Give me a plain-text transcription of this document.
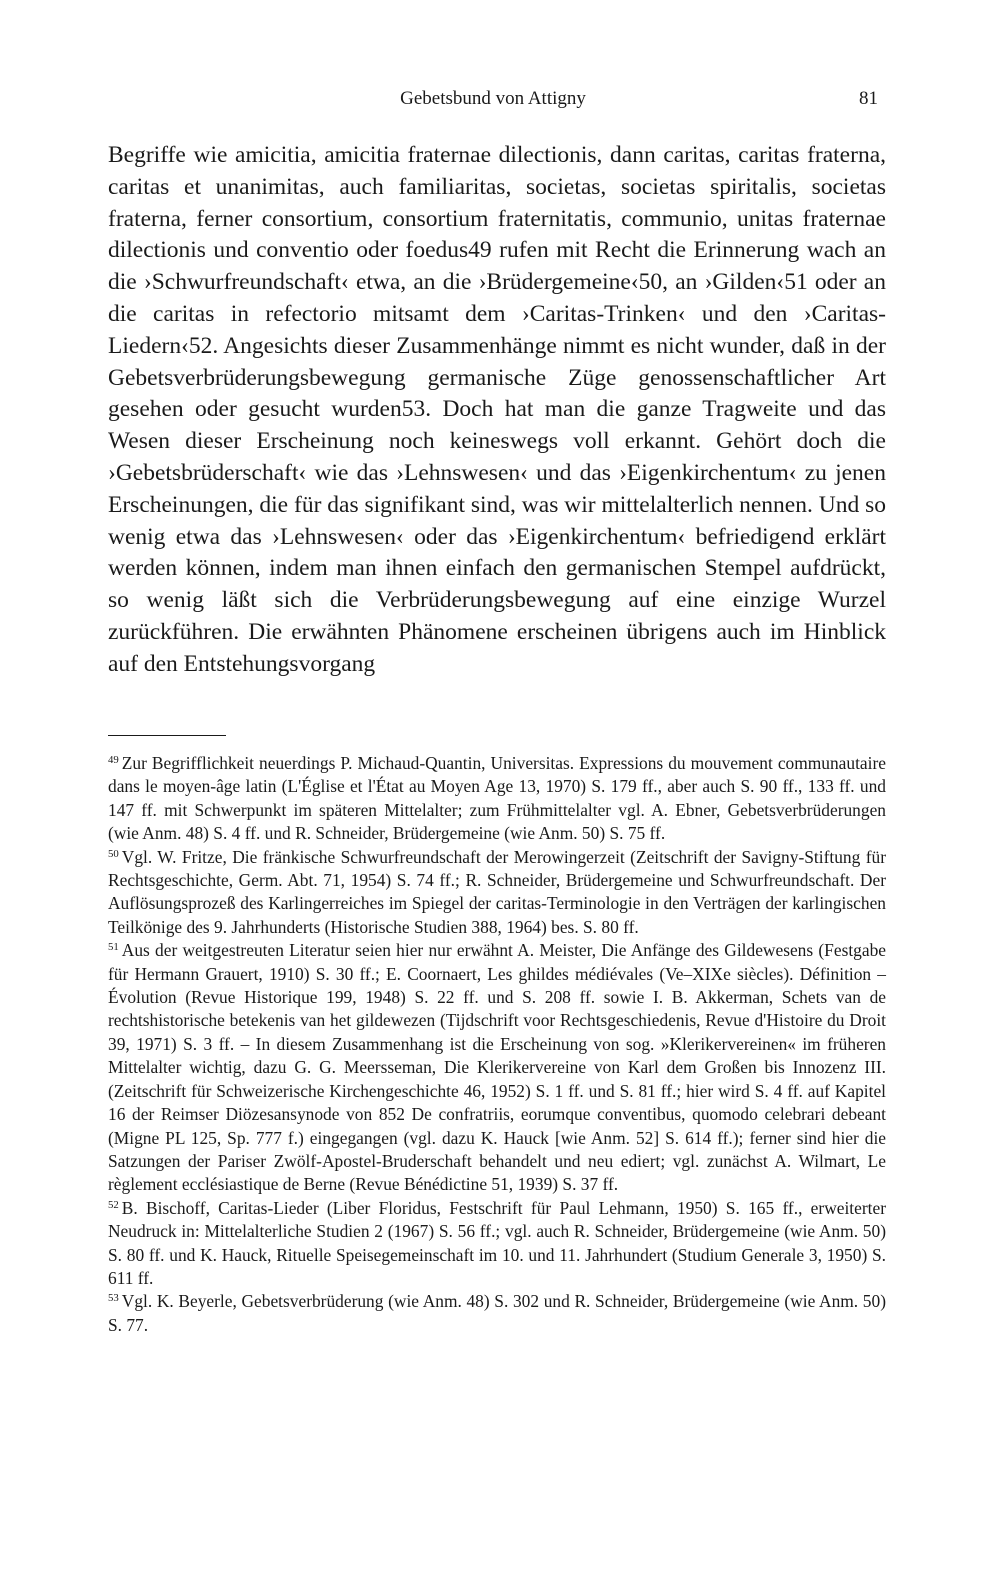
Gebetsbund von Attigny	81

Begriffe wie amicitia, amicitia fraternae dilectionis, dann caritas, caritas fraterna, caritas et unanimitas, auch familiaritas, societas, societas spiritalis, societas fraterna, ferner consortium, consortium fraternitatis, communio, unitas fraternae dilectionis und conventio oder foedus49 rufen mit Recht die Erinnerung wach an die ›Schwurfreundschaft‹ etwa, an die ›Brüdergemeine‹50, an ›Gilden‹51 oder an die caritas in refectorio mitsamt dem ›Caritas-Trinken‹ und den ›Caritas-Liedern‹52. Angesichts dieser Zusammenhänge nimmt es nicht wunder, daß in der Gebetsverbrüderungsbewegung germanische Züge genossenschaftlicher Art gesehen oder gesucht wurden53. Doch hat man die ganze Tragweite und das Wesen dieser Erscheinung noch keineswegs voll erkannt. Gehört doch die ›Gebetsbrüderschaft‹ wie das ›Lehnswesen‹ und das ›Eigenkirchentum‹ zu jenen Erscheinungen, die für das signifikant sind, was wir mittelalterlich nennen. Und so wenig etwa das ›Lehnswesen‹ oder das ›Eigenkirchentum‹ befriedigend erklärt werden können, indem man ihnen einfach den germanischen Stempel aufdrückt, so wenig läßt sich die Verbrüderungsbewegung auf eine einzige Wurzel zurückführen. Die erwähnten Phänomene erscheinen übrigens auch im Hinblick auf den Entstehungsvorgang

$^{49}$ Zur Begrifflichkeit neuerdings P. Michaud-Quantin, Universitas. Expressions du mouvement communautaire dans le moyen-âge latin (L'Église et l'État au Moyen Age 13, 1970) S. 179 ff., aber auch S. 90 ff., 133 ff. und 147 ff. mit Schwerpunkt im späteren Mittelalter; zum Frühmittelalter vgl. A. Ebner, Gebetsverbrüderungen (wie Anm. 48) S. 4 ff. und R. Schneider, Brüdergemeine (wie Anm. 50) S. 75 ff.

$^{50}$ Vgl. W. Fritze, Die fränkische Schwurfreundschaft der Merowingerzeit (Zeitschrift der Savigny-Stiftung für Rechtsgeschichte, Germ. Abt. 71, 1954) S. 74 ff.; R. Schneider, Brüdergemeine und Schwurfreundschaft. Der Auflösungsprozeß des Karlingerreiches im Spiegel der caritas-Terminologie in den Verträgen der karlingischen Teilkönige des 9. Jahrhunderts (Historische Studien 388, 1964) bes. S. 80 ff.

$^{51}$ Aus der weitgestreuten Literatur seien hier nur erwähnt A. Meister, Die Anfänge des Gildewesens (Festgabe für Hermann Grauert, 1910) S. 30 ff.; E. Coornaert, Les ghildes médiévales (Ve–XIXe siècles). Définition – Évolution (Revue Historique 199, 1948) S. 22 ff. und S. 208 ff. sowie I. B. Akkerman, Schets van de rechtshistorische betekenis van het gildewezen (Tijdschrift voor Rechtsgeschiedenis, Revue d'Histoire du Droit 39, 1971) S. 3 ff. – In diesem Zusammenhang ist die Erscheinung von sog. »Klerikervereinen« im früheren Mittelalter wichtig, dazu G. G. Meersseman, Die Klerikervereine von Karl dem Großen bis Innozenz III. (Zeitschrift für Schweizerische Kirchengeschichte 46, 1952) S. 1 ff. und S. 81 ff.; hier wird S. 4 ff. auf Kapitel 16 der Reimser Diözesansynode von 852 De confratriis, eorumque conventibus, quomodo celebrari debeant (Migne PL 125, Sp. 777 f.) eingegangen (vgl. dazu K. Hauck [wie Anm. 52] S. 614 ff.); ferner sind hier die Satzungen der Pariser Zwölf-Apostel-Bruderschaft behandelt und neu ediert; vgl. zunächst A. Wilmart, Le règlement ecclésiastique de Berne (Revue Bénédictine 51, 1939) S. 37 ff.

$^{52}$ B. Bischoff, Caritas-Lieder (Liber Floridus, Festschrift für Paul Lehmann, 1950) S. 165 ff., erweiterter Neudruck in: Mittelalterliche Studien 2 (1967) S. 56 ff.; vgl. auch R. Schneider, Brüdergemeine (wie Anm. 50) S. 80 ff. und K. Hauck, Rituelle Speisegemeinschaft im 10. und 11. Jahrhundert (Studium Generale 3, 1950) S. 611 ff.

$^{53}$ Vgl. K. Beyerle, Gebetsverbrüderung (wie Anm. 48) S. 302 und R. Schneider, Brüdergemeine (wie Anm. 50) S. 77.
